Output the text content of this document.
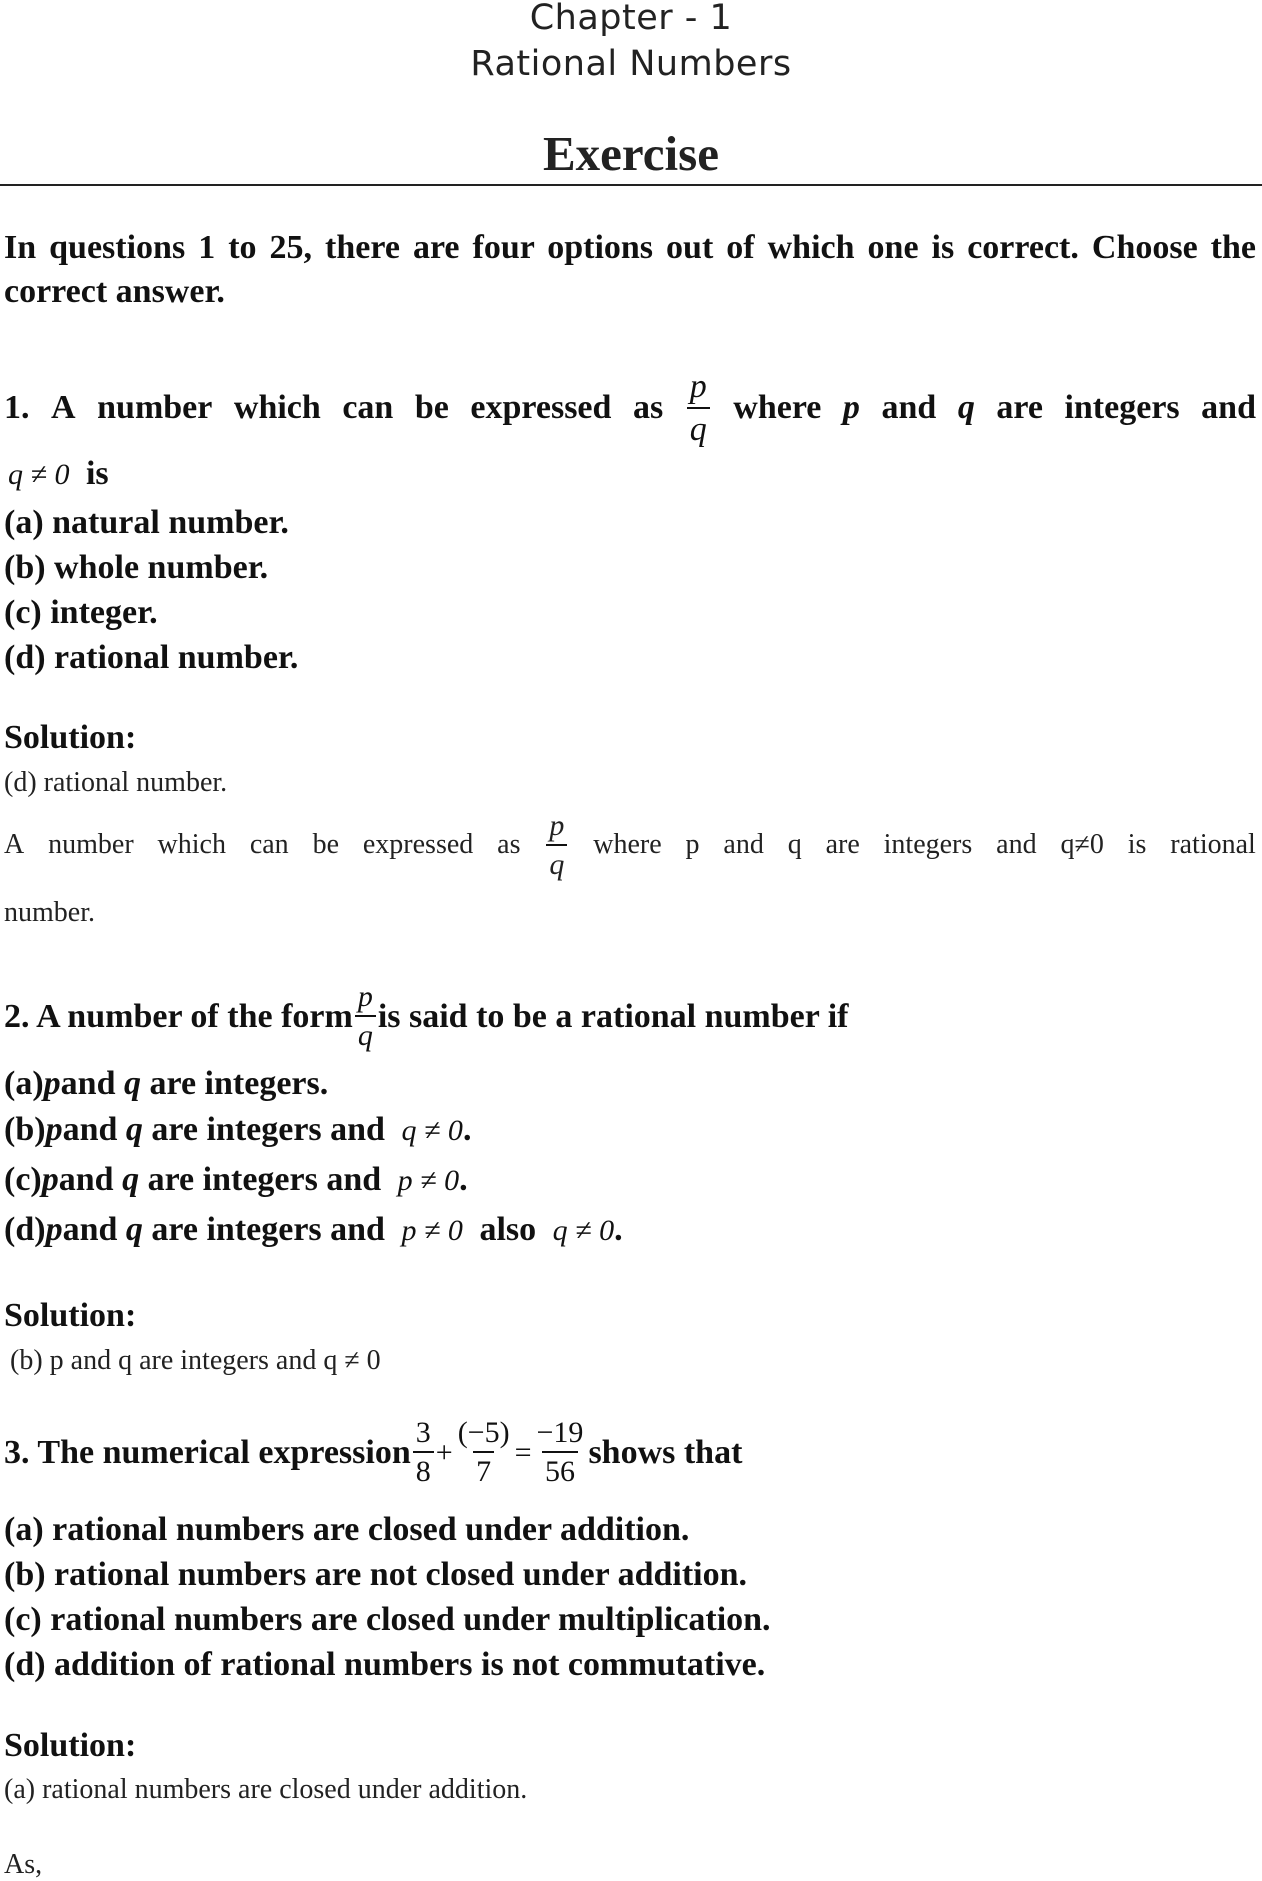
Chapter - 1
Rational Numbers
Exercise
In questions 1 to 25, there are four options out of which one is correct. Choose the correct answer.
1. A number which can be expressed as $\frac{p}{q}$ where p and q are integers and
q ≠ 0 is
(a) natural number.
(b) whole number.
(c) integer.
(d) rational number.
Solution:
(d) rational number.
A number which can be expressed as $\frac{p}{q}$ where p and q are integers and q≠0 is rational
number.
2. A number of the form $\frac{p}{q}$ is said to be a rational number if
(a)pand q are integers.
(b)pand q are integers and q ≠ 0.
(c)pand q are integers and p ≠ 0.
(d)pand q are integers and p ≠ 0 also q ≠ 0.
Solution:
(b) p and q are integers and q ≠ 0
3. The numerical expression $\frac{3}{8} + \frac{(-5)}{7} = \frac{-19}{56}$ shows that
(a) rational numbers are closed under addition.
(b) rational numbers are not closed under addition.
(c) rational numbers are closed under multiplication.
(d) addition of rational numbers is not commutative.
Solution:
(a) rational numbers are closed under addition.
As,
